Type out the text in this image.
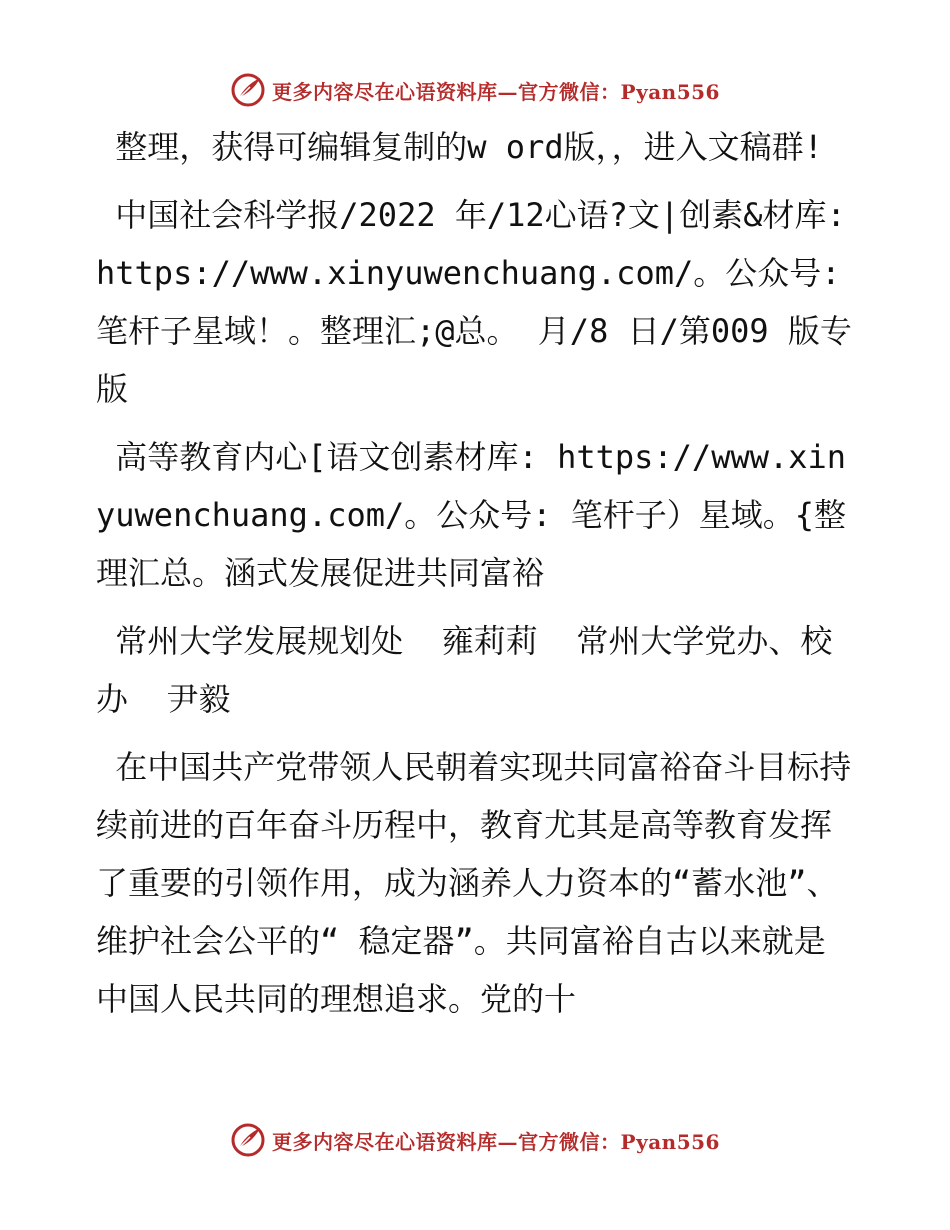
更多内容尽在心语资料库—官方微信：Pyan556

整理，获得可编辑复制的w ord版，，进入文稿群!

中国社会科学报/2022 年/12心语?文|创素&材库: https://www.xinyuwenchuang.com/。公众号: 笔杆子星域！。整理汇;@总。 月/8 日/第009 版专版

高等教育内心[语文创素材库: https://www.xinyuwenchuang.com/。公众号: 笔杆子）星域。{整理汇总。涵式发展促进共同富裕

常州大学发展规划处  雍莉莉  常州大学党办、校办  尹毅

在中国共产党带领人民朝着实现共同富裕奋斗目标持续前进的百年奋斗历程中，教育尤其是高等教育发挥了重要的引领作用，成为涵养人力资本的“蓄水池”、维护社会公平的“ 稳定器”。共同富裕自古以来就是中国人民共同的理想追求。党的十

更多内容尽在心语资料库—官方微信：Pyan556
